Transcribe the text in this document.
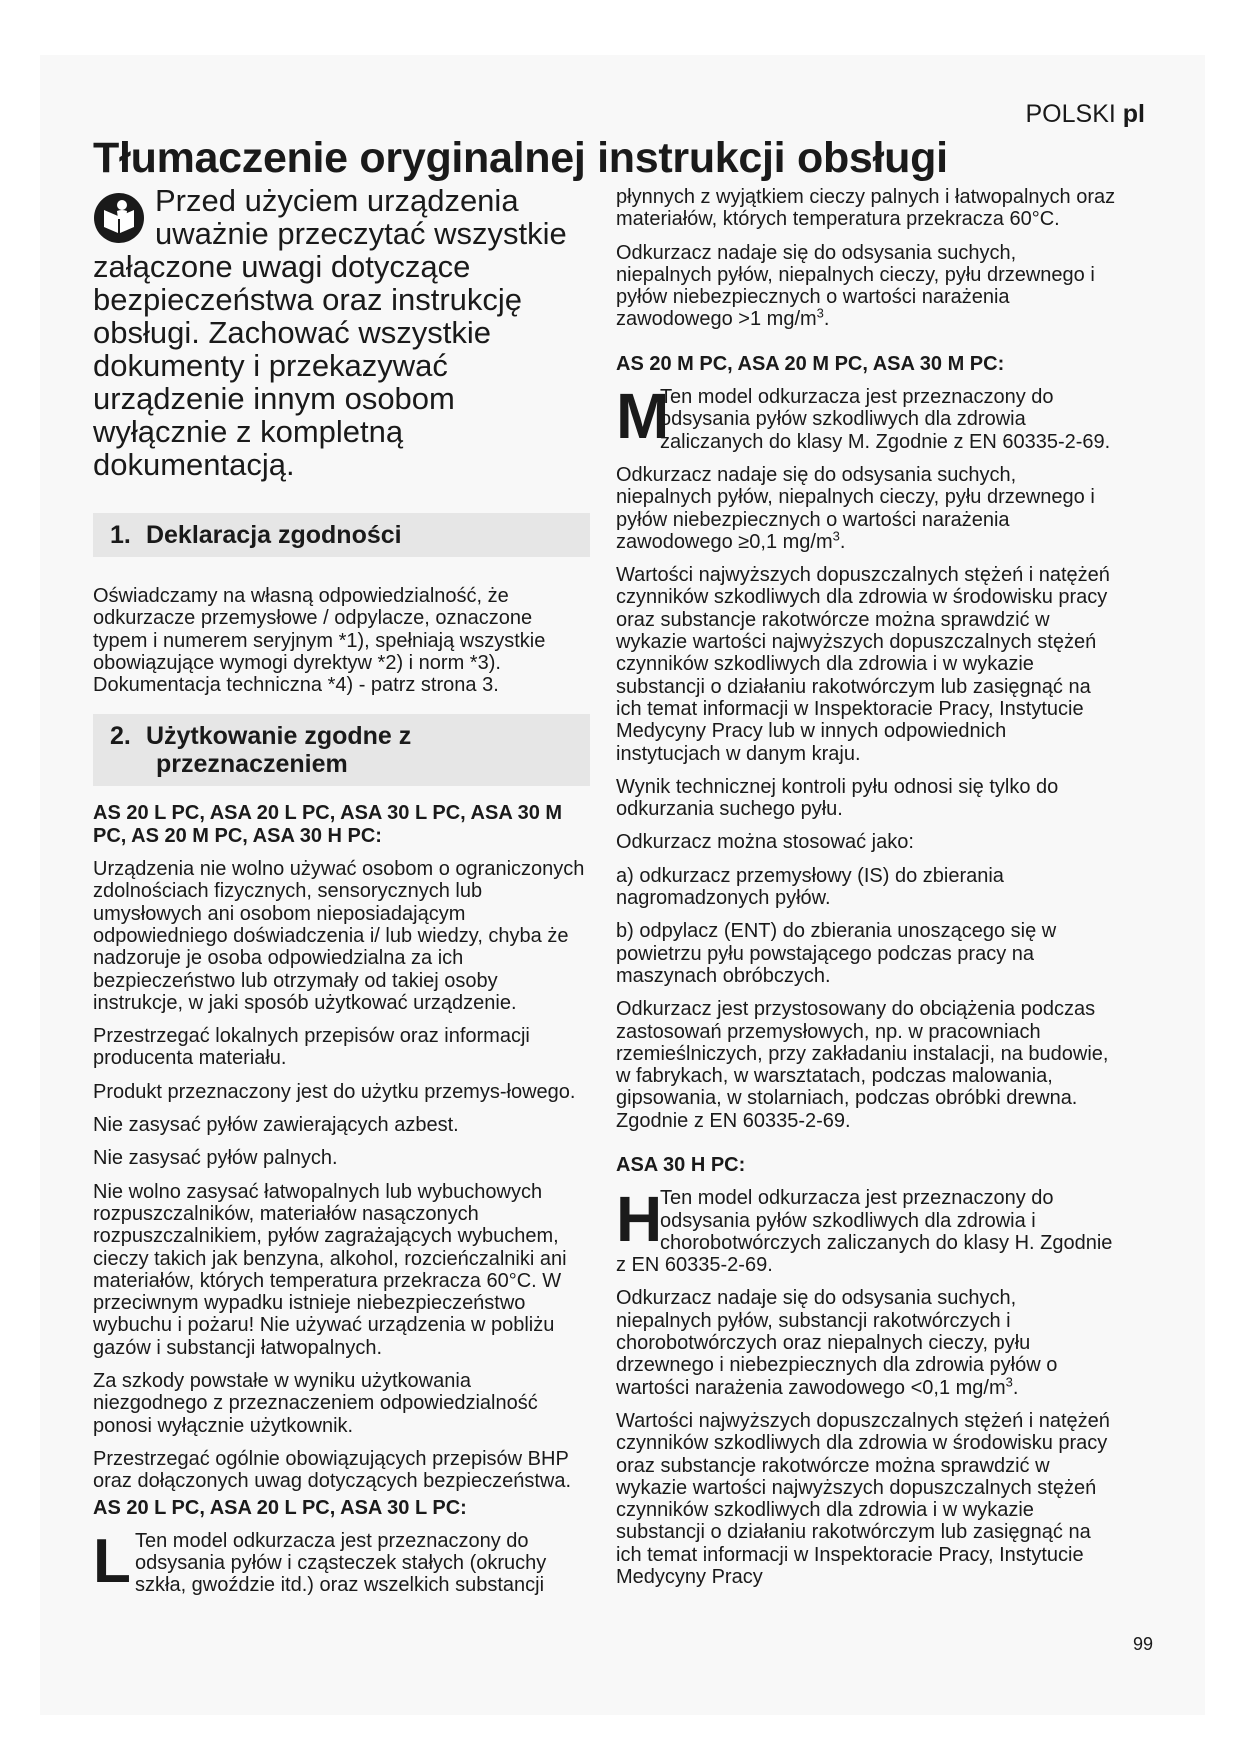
POLSKI pl
Tłumaczenie oryginalnej instrukcji obsługi

Przed użyciem urządzenia uważnie przeczytać wszystkie załączone uwagi dotyczące bezpieczeństwa oraz instrukcję obsługi. Zachować wszystkie dokumenty i przekazywać urządzenie innym osobom wyłącznie z kompletną dokumentacją.

1. Deklaracja zgodności

Oświadczamy na własną odpowiedzialność, że odkurzacze przemysłowe / odpylacze, oznaczone typem i numerem seryjnym *1), spełniają wszystkie obowiązujące wymogi dyrektyw *2) i norm *3). Dokumentacja techniczna *4) - patrz strona 3.

2. Użytkowanie zgodne z
przeznaczeniem

AS 20 L PC, ASA 20 L PC, ASA 30 L PC, ASA 30 M PC, AS 20 M PC, ASA 30 H PC:

Urządzenia nie wolno używać osobom o ograniczonych zdolnościach fizycznych, sensorycznych lub umysłowych ani osobom nieposiadającym odpowiedniego doświadczenia i/ lub wiedzy, chyba że nadzoruje je osoba odpowiedzialna za ich bezpieczeństwo lub otrzymały od takiej osoby instrukcje, w jaki sposób użytkować urządzenie.

Przestrzegać lokalnych przepisów oraz informacji producenta materiału.

Produkt przeznaczony jest do użytku przemys-łowego.

Nie zasysać pyłów zawierających azbest.

Nie zasysać pyłów palnych.

Nie wolno zasysać łatwopalnych lub wybuchowych rozpuszczalników, materiałów nasączonych rozpuszczalnikiem, pyłów zagrażających wybuchem, cieczy takich jak benzyna, alkohol, rozcieńczalniki ani materiałów, których temperatura przekracza 60°C. W przeciwnym wypadku istnieje niebezpieczeństwo wybuchu i pożaru! Nie używać urządzenia w pobliżu gazów i substancji łatwopalnych.

Za szkody powstałe w wyniku użytkowania niezgodnego z przeznaczeniem odpowiedzialność ponosi wyłącznie użytkownik.

Przestrzegać ogólnie obowiązujących przepisów BHP oraz dołączonych uwag dotyczących bezpieczeństwa.

AS 20 L PC, ASA 20 L PC, ASA 30 L PC:

L Ten model odkurzacza jest przeznaczony do odsysania pyłów i cząsteczek stałych (okruchy szkła, gwoździe itd.) oraz wszelkich substancji

płynnych z wyjątkiem cieczy palnych i łatwopalnych oraz materiałów, których temperatura przekracza 60°C.

Odkurzacz nadaje się do odsysania suchych, niepalnych pyłów, niepalnych cieczy, pyłu drzewnego i pyłów niebezpiecznych o wartości narażenia zawodowego >1 $mg/m^3$.

AS 20 M PC, ASA 20 M PC, ASA 30 M PC:

M
Ten model odkurzacza jest przeznaczony do odsysania pyłów szkodliwych dla zdrowia zaliczanych do klasy M. Zgodnie z EN 60335-2-69.

Odkurzacz nadaje się do odsysania suchych, niepalnych pyłów, niepalnych cieczy, pyłu drzewnego i pyłów niebezpiecznych o wartości narażenia zawodowego ≥0,1 $mg/m^3$.

Wartości najwyższych dopuszczalnych stężeń i natężeń czynników szkodliwych dla zdrowia w środowisku pracy oraz substancje rakotwórcze można sprawdzić w wykazie wartości najwyższych dopuszczalnych stężeń czynników szkodliwych dla zdrowia i w wykazie substancji o działaniu rakotwórczym lub zasięgnąć na ich temat informacji w Inspektoracie Pracy, Instytucie Medycyny Pracy lub w innych odpowiednich instytucjach w danym kraju.

Wynik technicznej kontroli pyłu odnosi się tylko do odkurzania suchego pyłu.

Odkurzacz można stosować jako:

a) odkurzacz przemysłowy (IS) do zbierania nagromadzonych pyłów.

b) odpylacz (ENT) do zbierania unoszącego się w powietrzu pyłu powstającego podczas pracy na maszynach obróbczych.

Odkurzacz jest przystosowany do obciążenia podczas zastosowań przemysłowych, np. w pracowniach rzemieślniczych, przy zakładaniu instalacji, na budowie, w fabrykach, w warsztatach, podczas malowania, gipsowania, w stolarniach, podczas obróbki drewna. Zgodnie z EN 60335-2-69.

ASA 30 H PC:

H
Ten model odkurzacza jest przeznaczony do odsysania pyłów szkodliwych dla zdrowia i chorobotwórczych zaliczanych do klasy H. Zgodnie z EN 60335-2-69.

Odkurzacz nadaje się do odsysania suchych, niepalnych pyłów, substancji rakotwórczych i chorobotwórczych oraz niepalnych cieczy, pyłu drzewnego i niebezpiecznych dla zdrowia pyłów o wartości narażenia zawodowego <0,1 $mg/m^3$.

Wartości najwyższych dopuszczalnych stężeń i natężeń czynników szkodliwych dla zdrowia w środowisku pracy oraz substancje rakotwórcze można sprawdzić w wykazie wartości najwyższych dopuszczalnych stężeń czynników szkodliwych dla zdrowia i w wykazie substancji o działaniu rakotwórczym lub zasięgnąć na ich temat informacji w Inspektoracie Pracy, Instytucie Medycyny Pracy

99
